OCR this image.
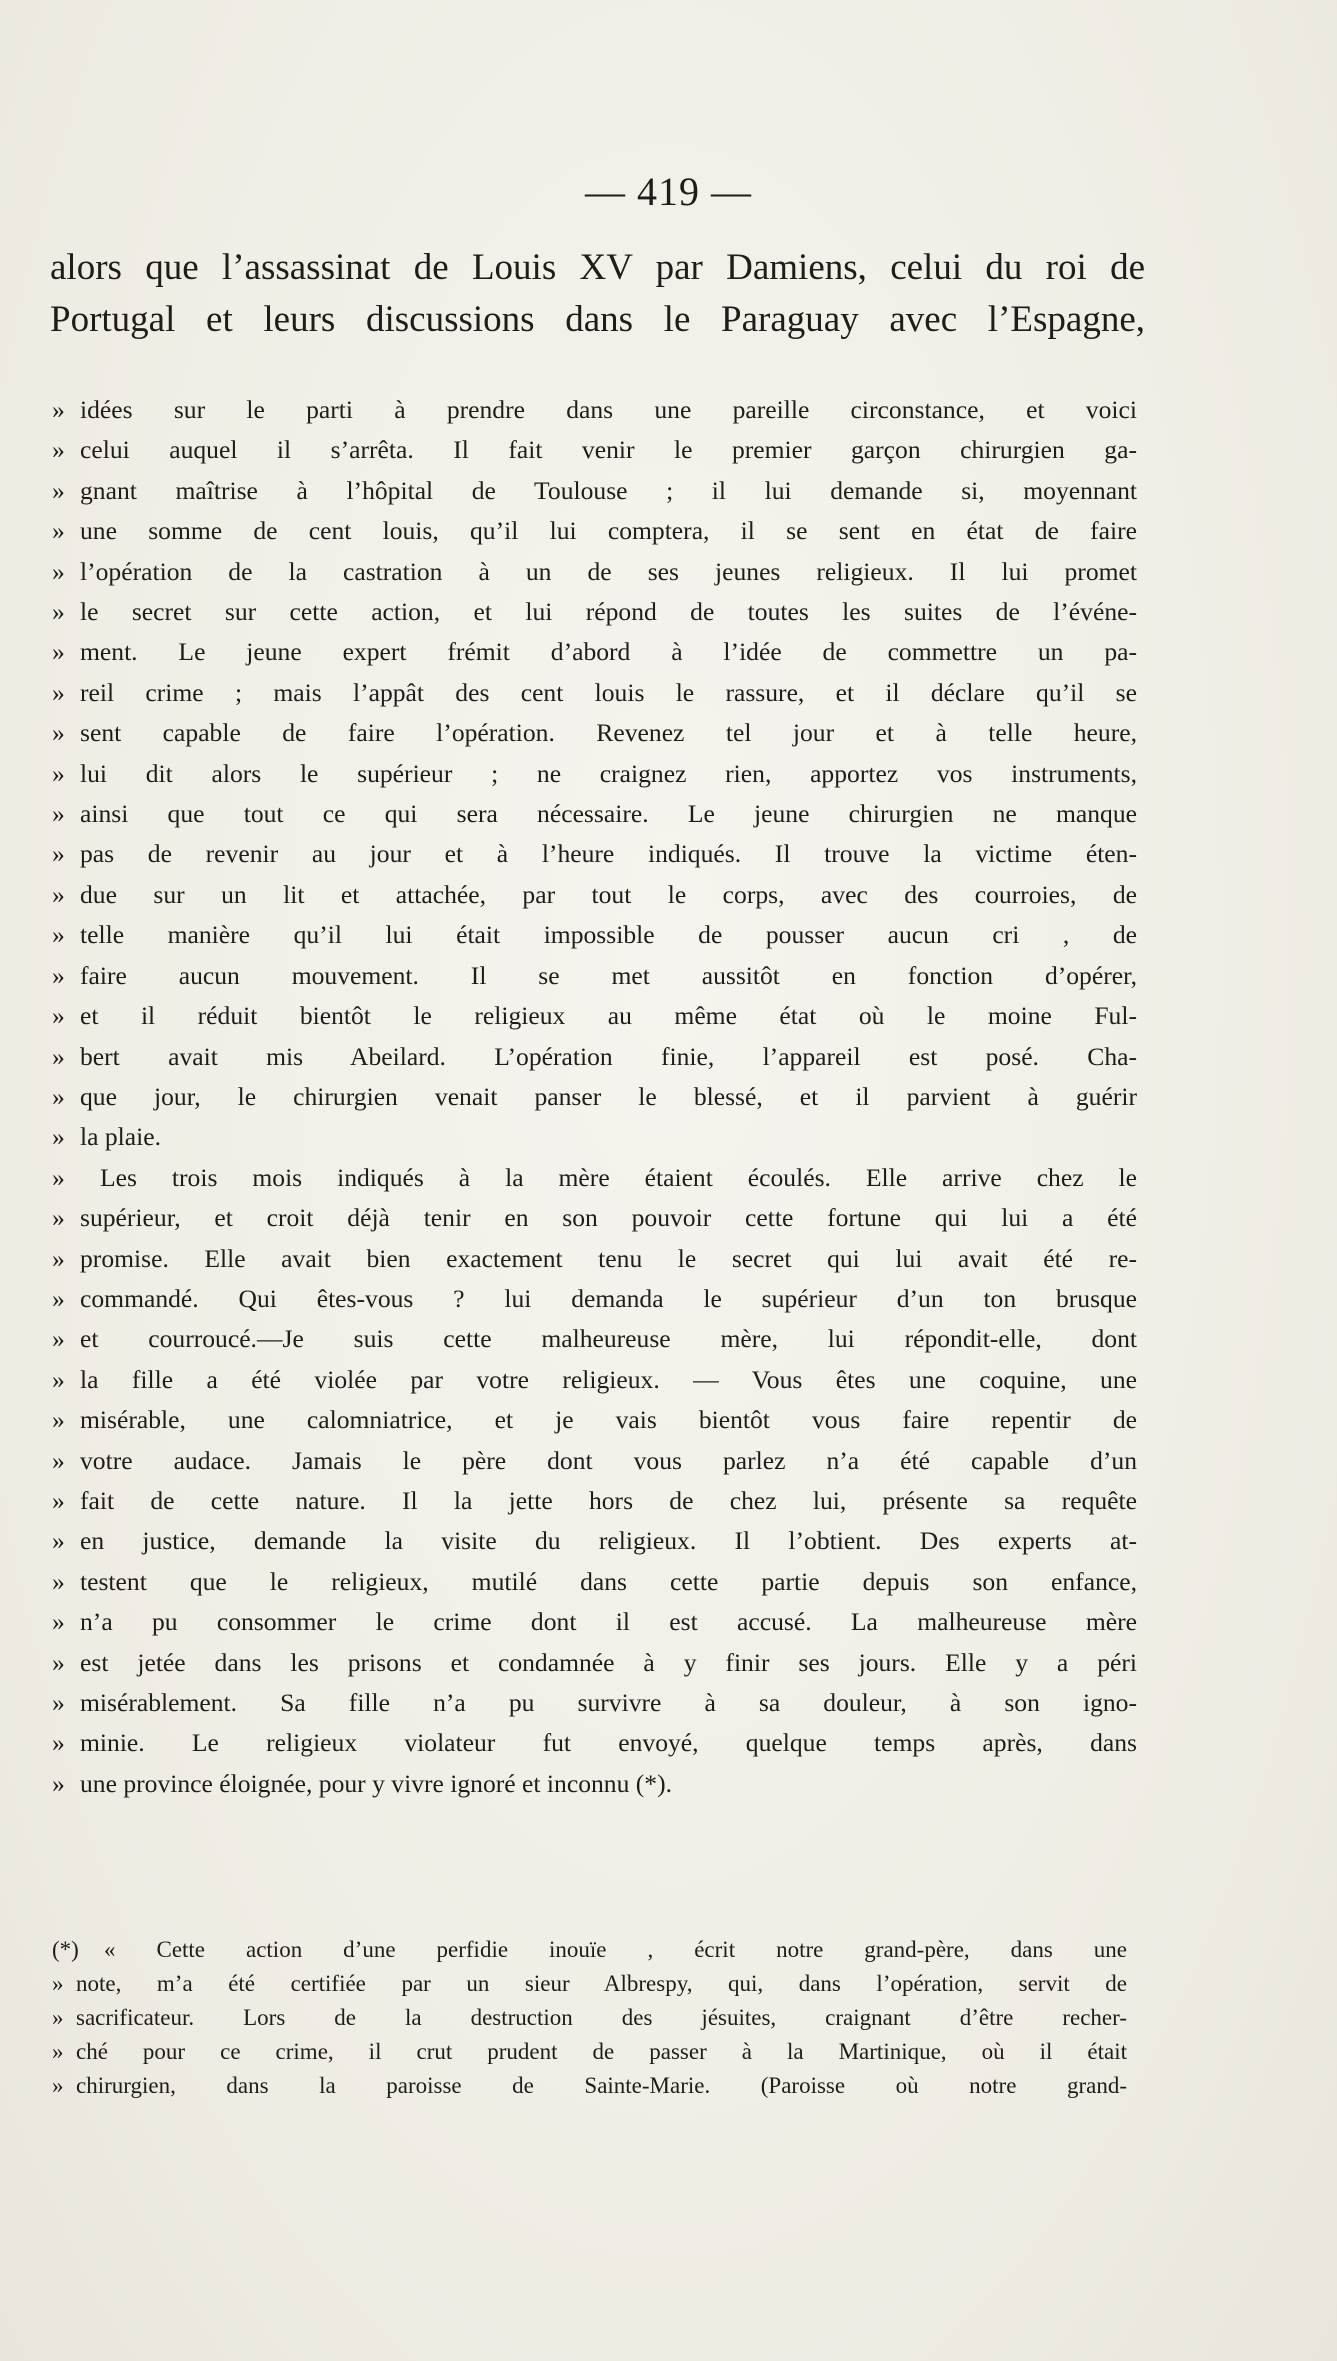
— 419 —

alors que l’assassinat de Louis XV par Damiens, celui du roi de

Portugal et leurs discussions dans le Paraguay avec l’Espagne,

» idées sur le parti à prendre dans une pareille circonstance, et voici
» celui auquel il s’arrêta. Il fait venir le premier garçon chirurgien ga-
» gnant maîtrise à l’hôpital de Toulouse ; il lui demande si, moyennant
» une somme de cent louis, qu’il lui comptera, il se sent en état de faire
» l’opération de la castration à un de ses jeunes religieux. Il lui promet
» le secret sur cette action, et lui répond de toutes les suites de l’événe-
» ment. Le jeune expert frémit d’abord à l’idée de commettre un pa-
» reil crime ; mais l’appât des cent louis le rassure, et il déclare qu’il se
» sent capable de faire l’opération. Revenez tel jour et à telle heure,
» lui dit alors le supérieur ; ne craignez rien, apportez vos instruments,
» ainsi que tout ce qui sera nécessaire. Le jeune chirurgien ne manque
» pas de revenir au jour et à l’heure indiqués. Il trouve la victime éten-
» due sur un lit et attachée, par tout le corps, avec des courroies, de
» telle manière qu’il lui était impossible de pousser aucun cri , de
» faire aucun mouvement. Il se met aussitôt en fonction d’opérer,
» et il réduit bientôt le religieux au même état où le moine Ful-
» bert avait mis Abeilard. L’opération finie, l’appareil est posé. Cha-
» que jour, le chirurgien venait panser le blessé, et il parvient à guérir
» la plaie.
»	Les trois mois indiqués à la mère étaient écoulés. Elle arrive chez le
» supérieur, et croit déjà tenir en son pouvoir cette fortune qui lui a été
» promise. Elle avait bien exactement tenu le secret qui lui avait été re-
» commandé. Qui êtes-vous ? lui demanda le supérieur d’un ton brusque
» et courroucé.—Je suis cette malheureuse mère, lui répondit-elle, dont
» la fille a été violée par votre religieux. — Vous êtes une coquine, une
» misérable, une calomniatrice, et je vais bientôt vous faire repentir de
» votre audace. Jamais le père dont vous parlez n’a été capable d’un
» fait de cette nature. Il la jette hors de chez lui, présente sa requête
» en justice, demande la visite du religieux. Il l’obtient. Des experts at-
» testent que le religieux, mutilé dans cette partie depuis son enfance,
» n’a pu consommer le crime dont il est accusé. La malheureuse mère
» est jetée dans les prisons et condamnée à y finir ses jours. Elle y a péri
» misérablement. Sa fille n’a pu survivre à sa douleur, à son igno-
» minie. Le religieux violateur fut envoyé, quelque temps après, dans
» une province éloignée, pour y vivre ignoré et inconnu (*).
(*)	« Cette action d’une perfidie inouïe , écrit notre grand-père, dans une
» note, m’a été certifiée par un sieur Albrespy, qui, dans l’opération, servit de
» sacrificateur. Lors de la destruction des jésuites, craignant d’être recher-
» ché pour ce crime, il crut prudent de passer à la Martinique, où il était
» chirurgien, dans la paroisse de Sainte-Marie. (Paroisse où notre grand-
